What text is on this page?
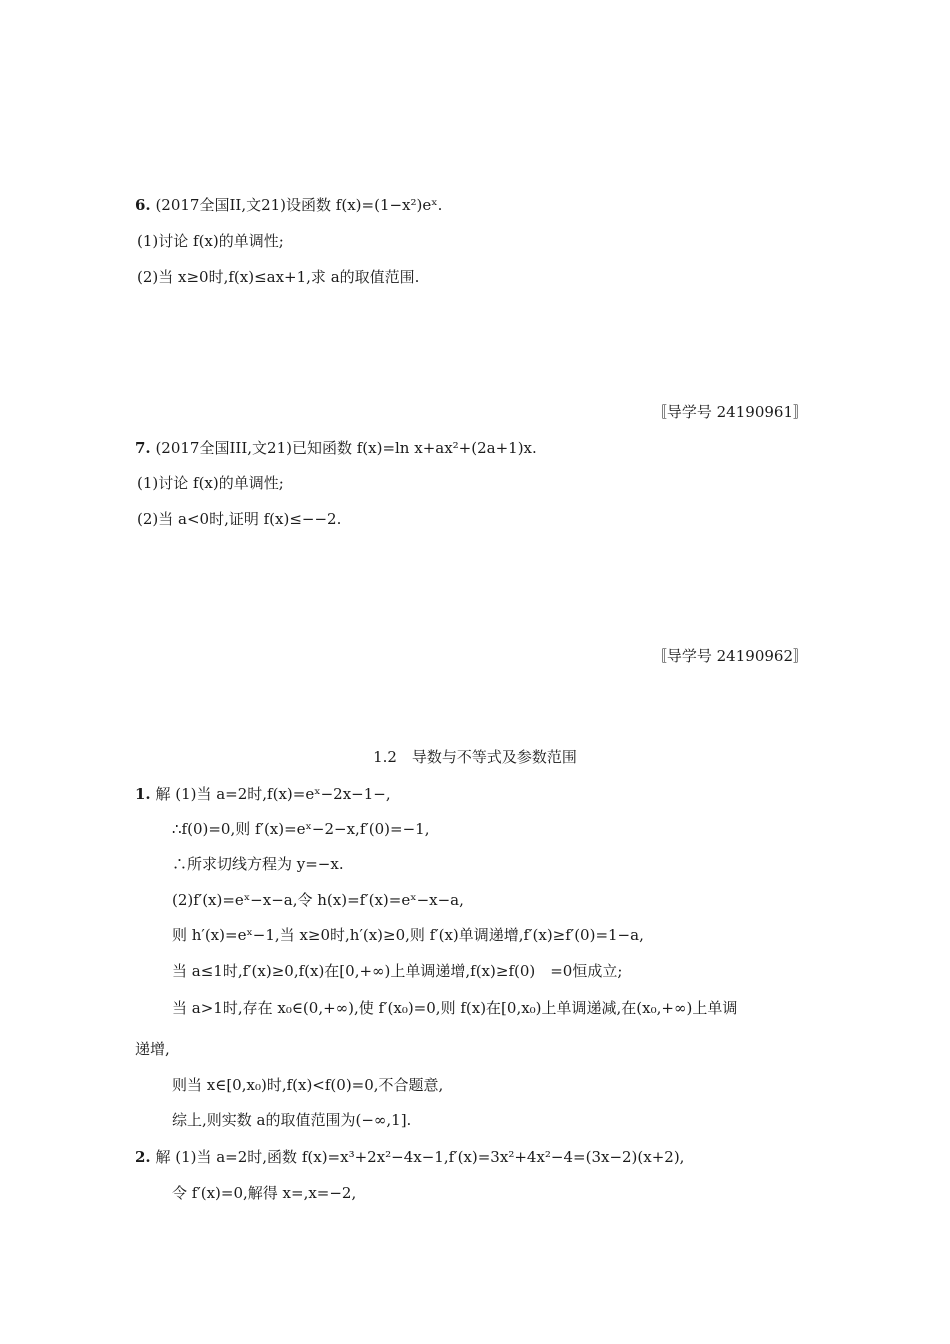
6. (2017全国II,文21)设函数 f(x)=(1−x²)eˣ.
(1)讨论 f(x)的单调性;
(2)当 x≥0时,f(x)≤ax+1,求 a的取值范围.
〚导学号 24190961〛
7. (2017全国III,文21)已知函数 f(x)=ln x+ax²+(2a+1)x.
(1)讨论 f(x)的单调性;
(2)当 a<0时,证明 f(x)≤−−2.
〚导学号 24190962〛
1.2　导数与不等式及参数范围
1. 解 (1)当 a=2时,f(x)=eˣ−2x−1−,
∴f(0)=0,则 f′(x)=eˣ−2−x,f′(0)=−1,
∴所求切线方程为 y=−x.
(2)f′(x)=eˣ−x−a,令 h(x)=f′(x)=eˣ−x−a,
则 h′(x)=eˣ−1,当 x≥0时,h′(x)≥0,则 f′(x)单调递增,f′(x)≥f′(0)=1−a,
当 a≤1时,f′(x)≥0,f(x)在[0,+∞)上单调递增,f(x)≥f(0)　=0恒成立;
当 a>1时,存在 x₀∈(0,+∞),使 f′(x₀)=0,则 f(x)在[0,x₀)上单调递减,在(x₀,+∞)上单调
递增,
则当 x∈[0,x₀)时,f(x)<f(0)=0,不合题意,
综上,则实数 a的取值范围为(−∞,1].
2. 解 (1)当 a=2时,函数 f(x)=x³+2x²−4x−1,f′(x)=3x²+4x²−4=(3x−2)(x+2),
令 f′(x)=0,解得 x=,x=−2,
